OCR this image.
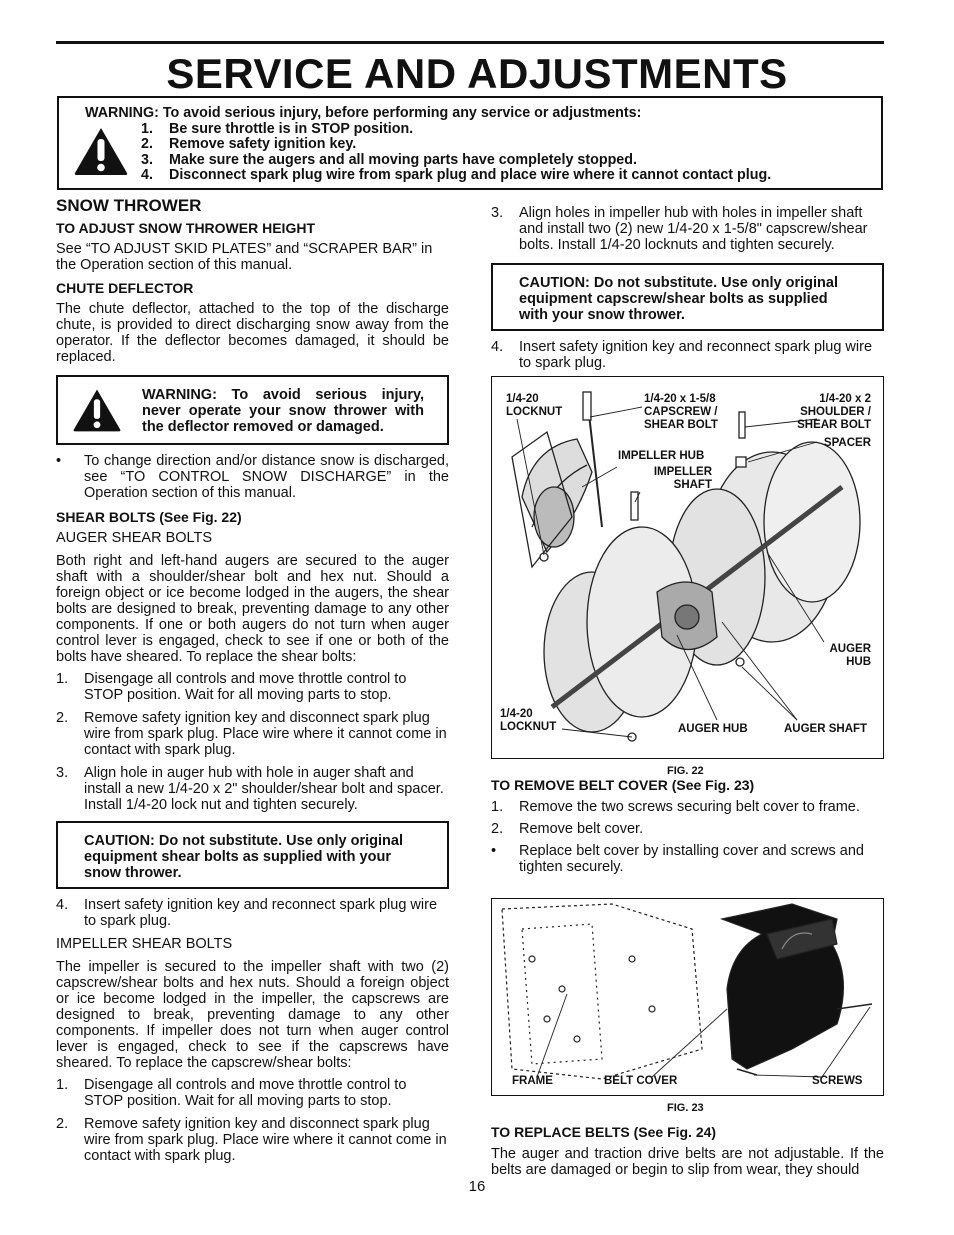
SERVICE AND ADJUSTMENTS
WARNING: To avoid serious injury, before performing any service or adjustments:
1.	Be sure throttle is in STOP position.
2.	Remove safety ignition key.
3.	Make sure the augers and all moving parts have completely stopped.
4.	Disconnect spark plug wire from spark plug and place wire where it cannot contact plug.

SNOW THROWER

TO ADJUST SNOW THROWER HEIGHT

See “TO ADJUST SKID PLATES” and “SCRAPER BAR” in the Operation section of this manual.

CHUTE DEFLECTOR

The chute deflector, attached to the top of the discharge chute, is provided to direct discharging snow away from the operator. If the deflector becomes damaged, it should be replaced.

WARNING: To avoid serious injury, never operate your snow thrower with the deflector removed or damaged.
•	To change direction and/or distance snow is discharged, see “TO CONTROL SNOW DISCHARGE” in the Operation section of this manual.

SHEAR BOLTS (See Fig. 22)

AUGER SHEAR BOLTS

Both right and left-hand augers are secured to the auger shaft with a shoulder/shear bolt and hex nut. Should a foreign object or ice become lodged in the augers, the shear bolts are designed to break, preventing damage to any other components. If one or both augers do not turn when auger control lever is engaged, check to see if one or both of the bolts have sheared. To replace the shear bolts:

1.	Disengage all controls and move throttle control to STOP position. Wait for all moving parts to stop.
2.	Remove safety ignition key and disconnect spark plug wire from spark plug. Place wire where it cannot come in contact with spark plug.
3.	Align hole in auger hub with hole in auger shaft and install a new 1/4-20 x 2" shoulder/shear bolt and spacer. Install 1/4-20 lock nut and tighten securely.
CAUTION: Do not substitute. Use only original equipment shear bolts as supplied with your snow thrower.
4.	Insert safety ignition key and reconnect spark plug wire to spark plug.

IMPELLER SHEAR BOLTS

The impeller is secured to the impeller shaft with two (2) capscrew/shear bolts and hex nuts. Should a foreign object or ice become lodged in the impeller, the capscrews are designed to break, preventing damage to any other components. If impeller does not turn when auger control lever is engaged, check to see if the capscrews have sheared. To replace the capscrew/shear bolts:

1.	Disengage all controls and move throttle control to STOP position. Wait for all moving parts to stop.
2.	Remove safety ignition key and disconnect spark plug wire from spark plug. Place wire where it cannot come in contact with spark plug.
3.	Align holes in impeller hub with holes in impeller shaft and install two (2) new 1/4-20 x 1-5/8" capscrew/shear bolts. Install 1/4-20 locknuts and tighten securely.
CAUTION: Do not substitute. Use only original equipment capscrew/shear bolts as supplied with your snow thrower.
4.	Insert safety ignition key and reconnect spark plug wire to spark plug.
1/4-20
LOCKNUT
1/4-20 x 1-5/8
CAPSCREW /
SHEAR BOLT
1/4-20 x 2
SHOULDER /
SHEAR BOLT
SPACER
IMPELLER HUB
IMPELLER
SHAFT
AUGER
HUB
1/4-20
LOCKNUT	AUGER HUB	AUGER SHAFT
FIG. 22

TO REMOVE BELT COVER (See Fig. 23)

1.	Remove the two screws securing belt cover to frame.
2.	Remove belt cover.
•	Replace belt cover by installing cover and screws and tighten securely.
FRAME	BELT COVER	SCREWS
FIG. 23

TO REPLACE BELTS (See Fig. 24)

The auger and traction drive belts are not adjustable. If the belts are damaged or begin to slip from wear, they should

16
